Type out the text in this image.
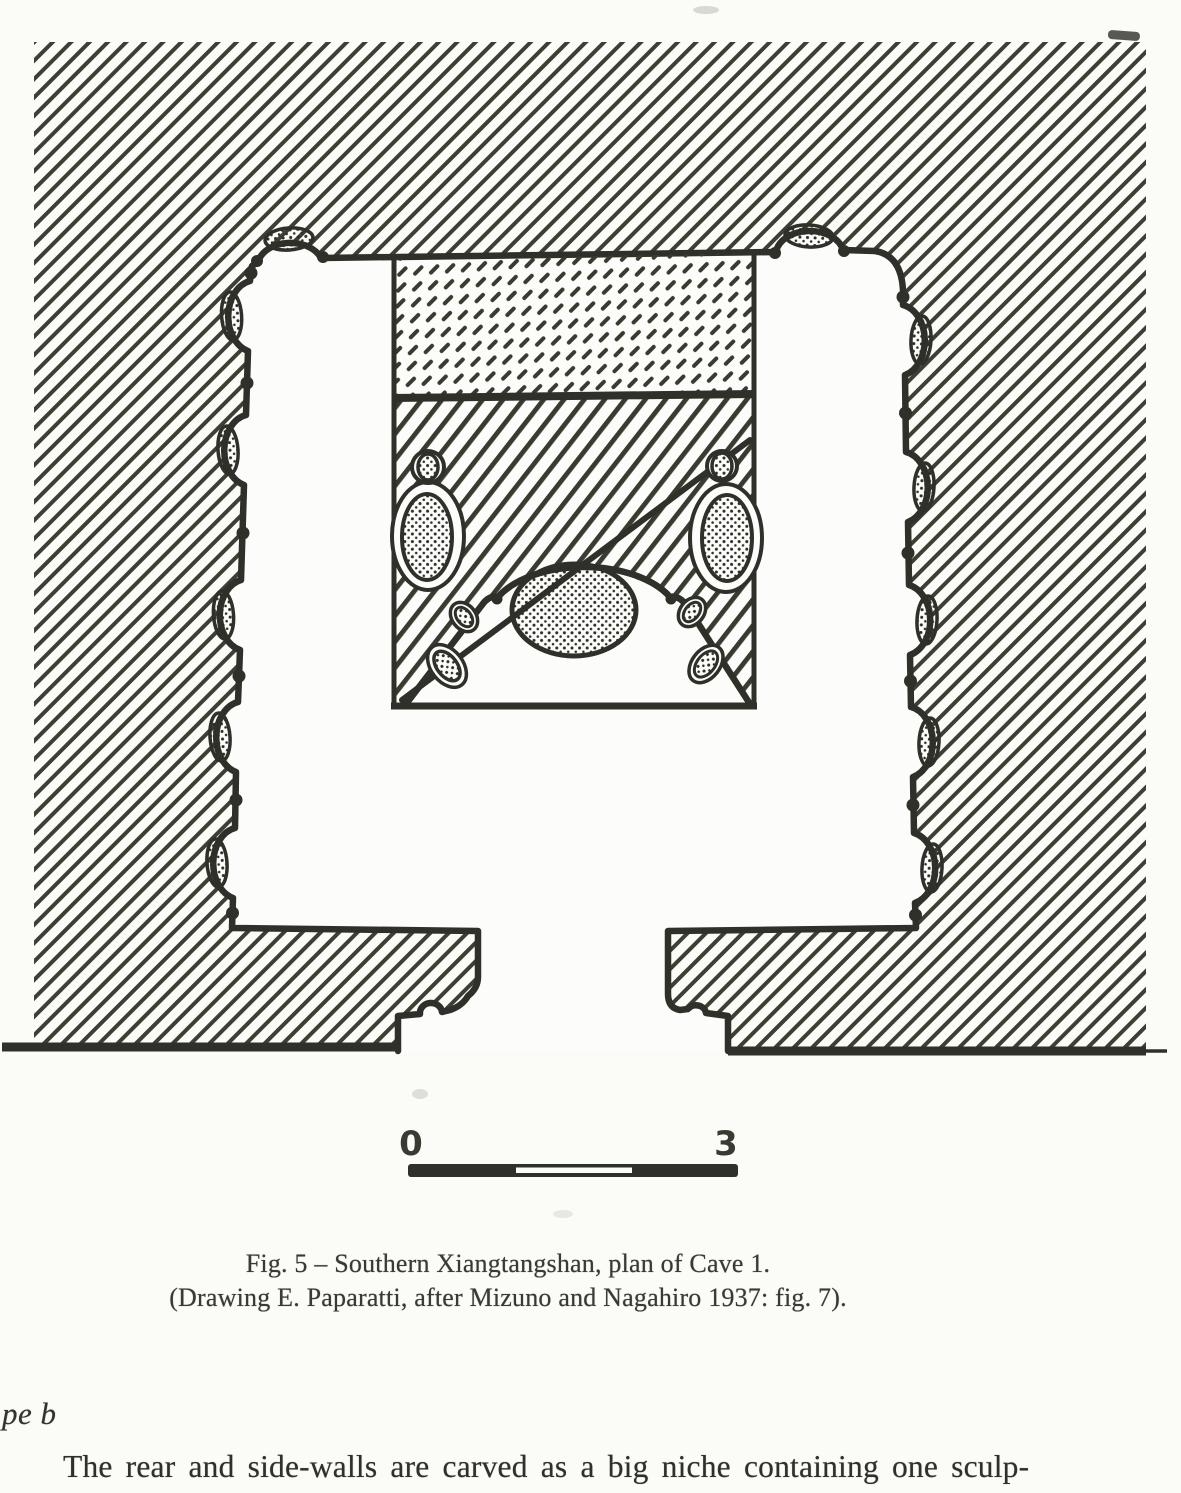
0	3
Fig. 5 – Southern Xiangtangshan, plan of Cave 1.
(Drawing E. Paparatti, after Mizuno and Nagahiro 1937: fig. 7).
pe b
The rear and side-walls are carved as a big niche containing one sculp-
